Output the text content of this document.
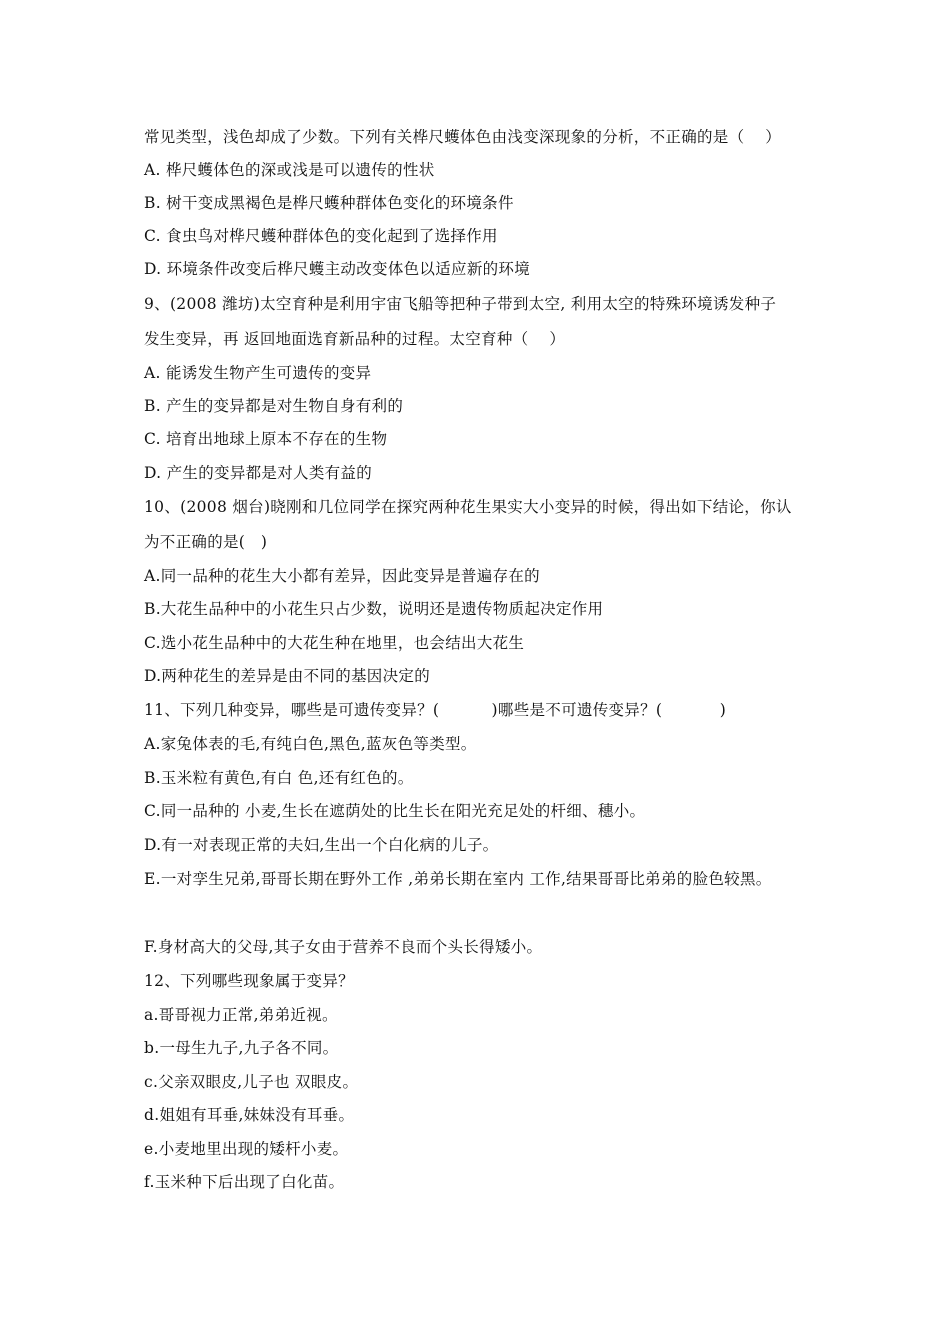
常见类型，浅色却成了少数。下列有关桦尺蠖体色由浅变深现象的分析，不正确的是（    ）
A. 桦尺蠖体色的深或浅是可以遗传的性状
B. 树干变成黑褐色是桦尺蠖种群体色变化的环境条件
C. 食虫鸟对桦尺蠖种群体色的变化起到了选择作用
D. 环境条件改变后桦尺蠖主动改变体色以适应新的环境
9、(2008 潍坊)太空育种是利用宇宙飞船等把种子带到太空, 利用太空的特殊环境诱发种子
发生变异，再 返回地面选育新品种的过程。太空育种（    ）
A. 能诱发生物产生可遗传的变异
B. 产生的变异都是对生物自身有利的
C. 培育出地球上原本不存在的生物
D. 产生的变异都是对人类有益的
10、(2008 烟台)晓刚和几位同学在探究两种花生果实大小变异的时候，得出如下结论，你认
为不正确的是(   )
A.同一品种的花生大小都有差异，因此变异是普遍存在的
B.大花生品种中的小花生只占少数，说明还是遗传物质起决定作用
C.选小花生品种中的大花生种在地里，也会结出大花生
D.两种花生的差异是由不同的基因决定的
11、下列几种变异，哪些是可遗传变异？(          )哪些是不可遗传变异？(           )
A.家兔体表的毛,有纯白色,黑色,蓝灰色等类型。
B.玉米粒有黄色,有白 色,还有红色的。
C.同一品种的 小麦,生长在遮荫处的比生长在阳光充足处的杆细、穗小。
D.有一对表现正常的夫妇,生出一个白化病的儿子。
E.一对孪生兄弟,哥哥长期在野外工作 ,弟弟长期在室内 工作,结果哥哥比弟弟的脸色较黑。
F.身材高大的父母,其子女由于营养不良而个头长得矮小。
12、下列哪些现象属于变异？
a.哥哥视力正常,弟弟近视。
b.一母生九子,九子各不同。
c.父亲双眼皮,儿子也 双眼皮。
d.姐姐有耳垂,妹妹没有耳垂。
e.小麦地里出现的矮杆小麦。
f.玉米种下后出现了白化苗。
